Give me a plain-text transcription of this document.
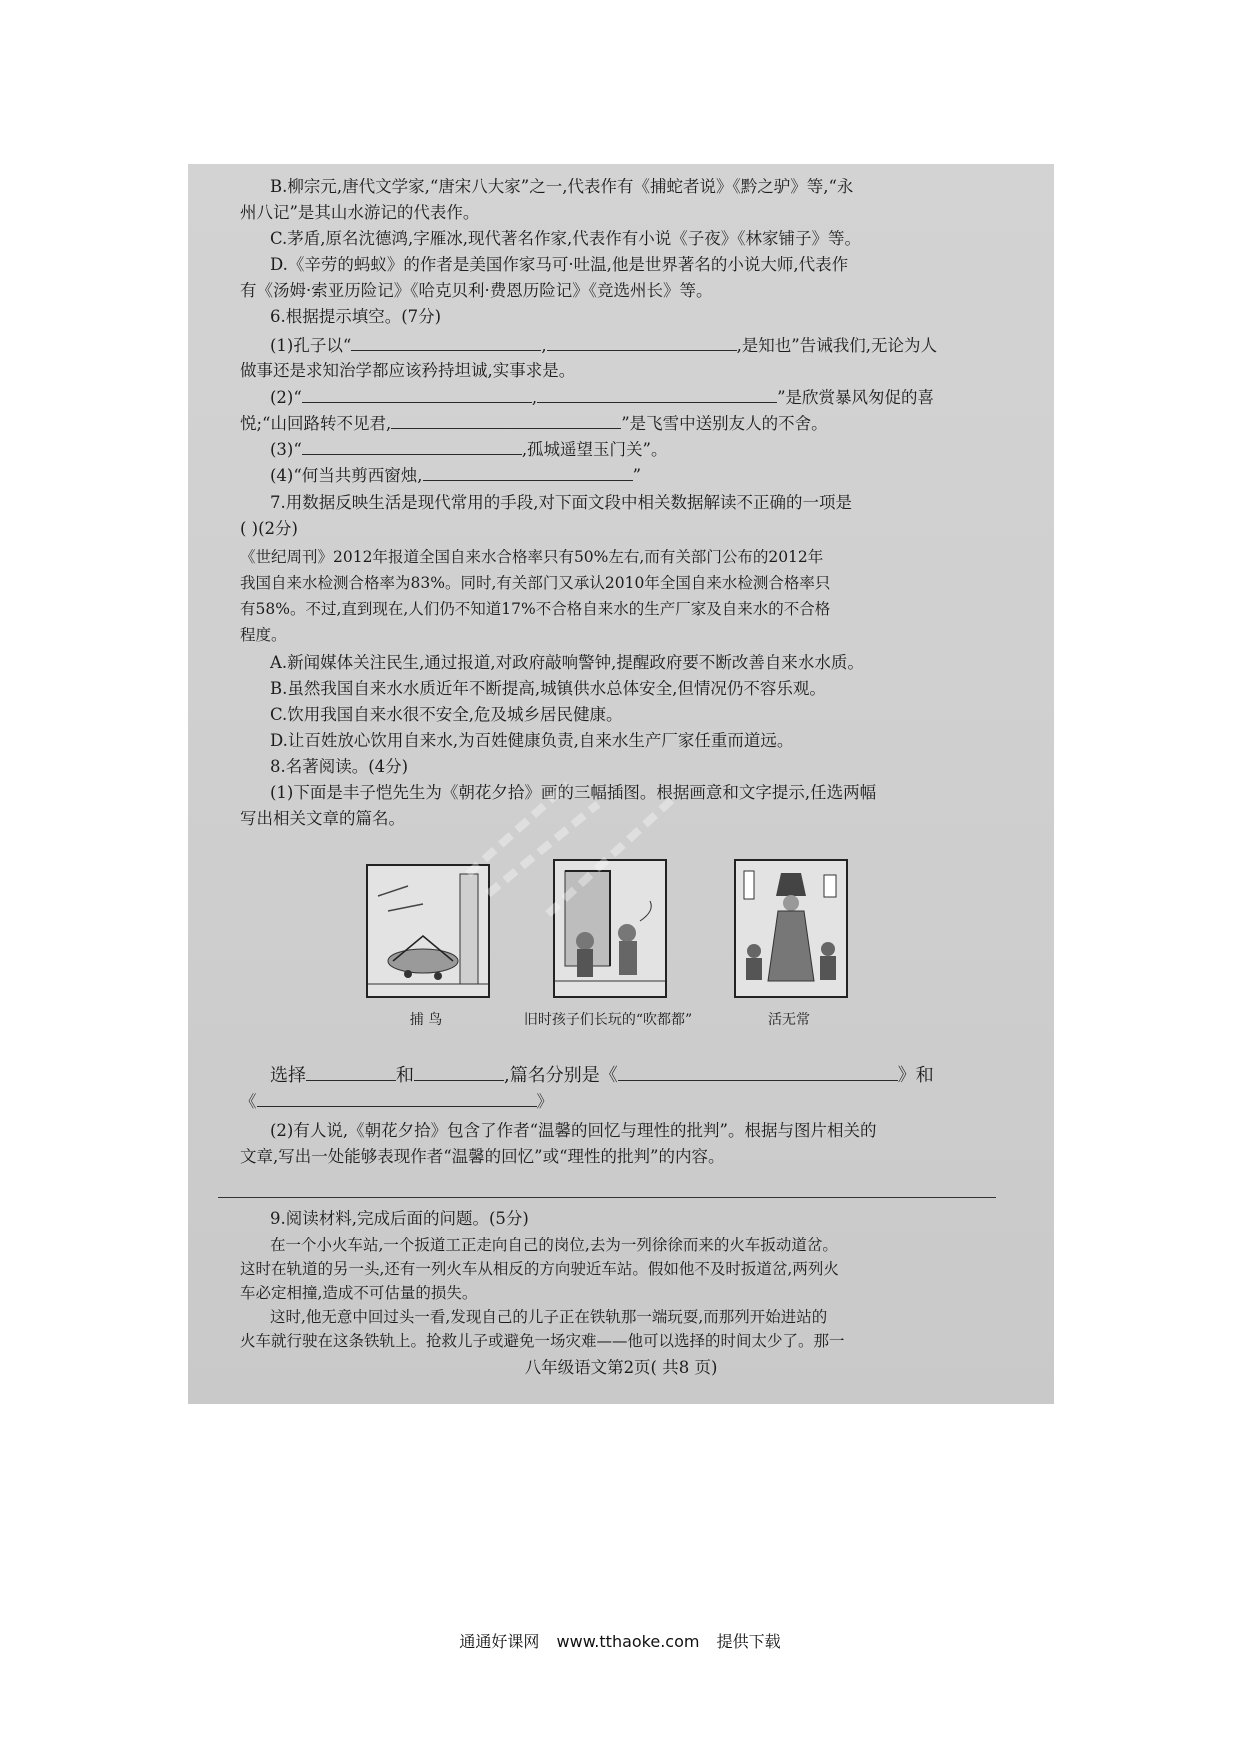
B.柳宗元,唐代文学家,“唐宋八大家”之一,代表作有《捕蛇者说》《黔之驴》等,“永
州八记”是其山水游记的代表作。
C.茅盾,原名沈德鸿,字雁冰,现代著名作家,代表作有小说《子夜》《林家铺子》等。
D.《辛劳的蚂蚁》的作者是美国作家马可·吐温,他是世界著名的小说大师,代表作
有《汤姆·索亚历险记》《哈克贝利·费恩历险记》《竞选州长》等。
6.根据提示填空。(7分)
(1)孔子以“	,	,是知也”告诫我们,无论为人
做事还是求知治学都应该矜持坦诚,实事求是。
(2)“	,	”是欣赏暴风匆促的喜
悦;“山回路转不见君,	”是飞雪中送别友人的不舍。
(3)“	,孤城遥望玉门关”。
(4)“何当共剪西窗烛,	”
7.用数据反映生活是现代常用的手段,对下面文段中相关数据解读不正确的一项是
( )(2分)
《世纪周刊》2012年报道全国自来水合格率只有50%左右,而有关部门公布的2012年
我国自来水检测合格率为83%。同时,有关部门又承认2010年全国自来水检测合格率只
有58%。不过,直到现在,人们仍不知道17%不合格自来水的生产厂家及自来水的不合格
程度。
A.新闻媒体关注民生,通过报道,对政府敲响警钟,提醒政府要不断改善自来水水质。
B.虽然我国自来水水质近年不断提高,城镇供水总体安全,但情况仍不容乐观。
C.饮用我国自来水很不安全,危及城乡居民健康。
D.让百姓放心饮用自来水,为百姓健康负责,自来水生产厂家任重而道远。
8.名著阅读。(4分)
(1)下面是丰子恺先生为《朝花夕拾》画的三幅插图。根据画意和文字提示,任选两幅
写出相关文章的篇名。
捕 鸟	旧时孩子们长玩的“吹都都”	活无常
选择	和	,篇名分别是《	》和
《	》
(2)有人说,《朝花夕拾》包含了作者“温馨的回忆与理性的批判”。根据与图片相关的
文章,写出一处能够表现作者“温馨的回忆”或“理性的批判”的内容。
9.阅读材料,完成后面的问题。(5分)
在一个小火车站,一个扳道工正走向自己的岗位,去为一列徐徐而来的火车扳动道岔。
这时在轨道的另一头,还有一列火车从相反的方向驶近车站。假如他不及时扳道岔,两列火
车必定相撞,造成不可估量的损失。
这时,他无意中回过头一看,发现自己的儿子正在铁轨那一端玩耍,而那列开始进站的
火车就行驶在这条铁轨上。抢救儿子或避免一场灾难——他可以选择的时间太少了。那一
八年级语文第2页( 共8 页)
通通好课网 www.tthaoke.com 提供下载
